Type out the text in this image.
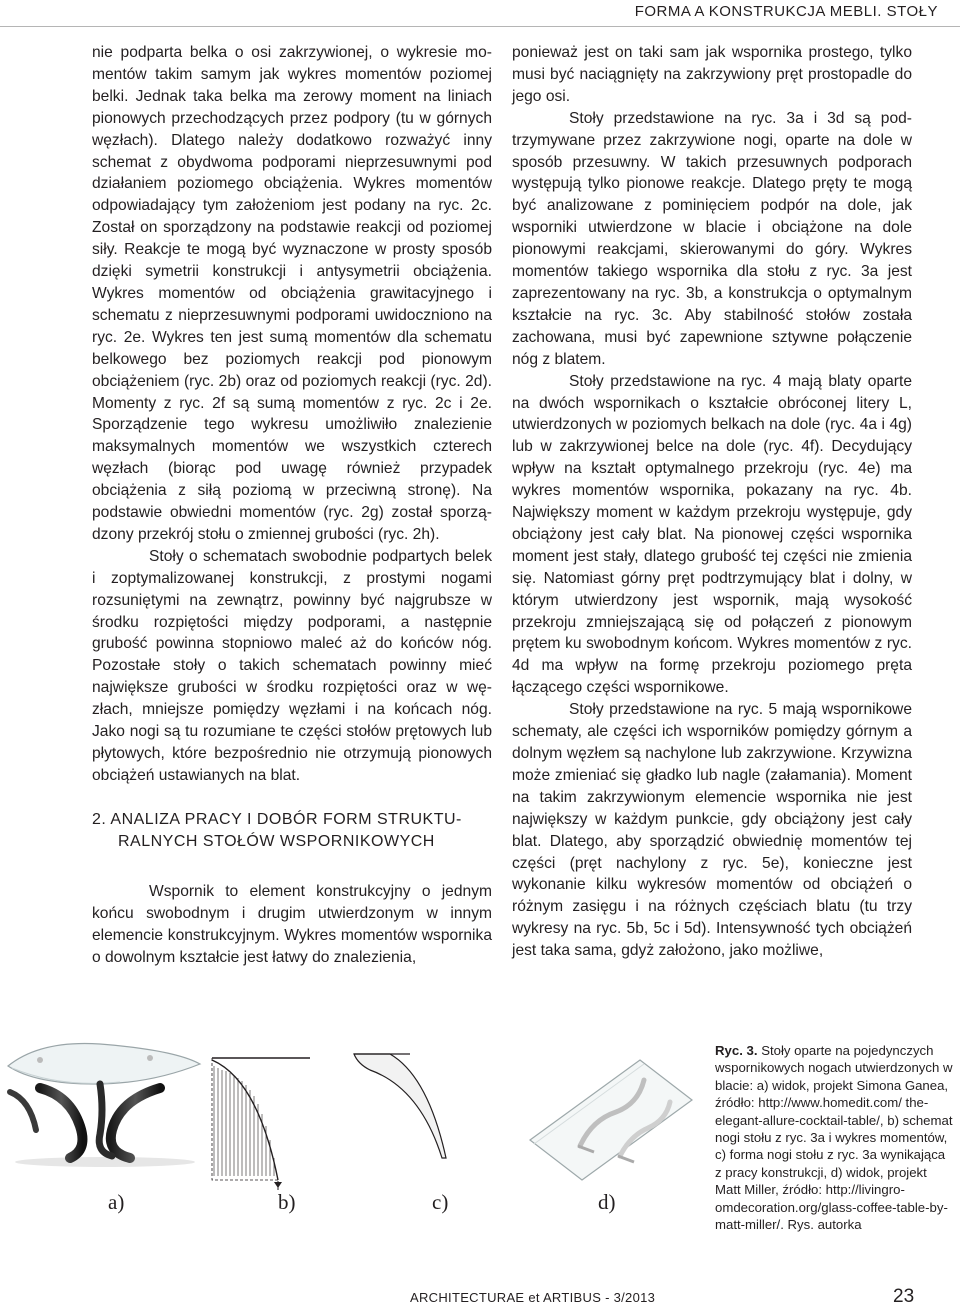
FORMA A KONSTRUKCJA MEBLI. STOŁY

nie podparta belka o osi zakrzywionej, o wykresie momentów takim samym jak wykres momentów poziomej belki. Jednak taka belka ma zerowy moment na liniach pionowych przechodzących przez podpory (tu w górnych węzłach). Dlatego należy dodatkowo rozważyć inny schemat z obydwoma podporami nieprzesuwnymi pod działaniem poziomego obciążenia. Wykres momentów odpowiadający tym założeniom jest podany na ryc. 2c. Został on sporządzony na podstawie reakcji od poziomej siły. Reakcje te mogą być wyznaczone w prosty sposób dzięki symetrii konstrukcji i antysymetrii obciążenia. Wykres momentów od obciążenia grawitacyjnego i schematu z nieprzesuwnymi podporami uwidoczniono na ryc. 2e. Wykres ten jest sumą momentów dla schematu belkowego bez poziomych reakcji pod pionowym obciążeniem (ryc. 2b) oraz od poziomych reakcji (ryc. 2d). Momenty z ryc. 2f są sumą momentów z ryc. 2c i 2e. Sporządzenie tego wykresu umożliwiło znalezienie maksymalnych momentów we wszystkich czterech węzłach (biorąc pod uwagę również przypadek obciążenia z siłą poziomą w przeciwną stronę). Na podstawie obwiedni momentów (ryc. 2g) został sporządzony przekrój stołu o zmiennej grubości (ryc. 2h).

Stoły o schematach swobodnie podpartych belek i zoptymalizowanej konstrukcji, z prostymi nogami rozsuniętymi na zewnątrz, powinny być najgrubsze w środku rozpiętości między podporami, a następnie grubość powinna stopniowo maleć aż do końców nóg. Pozostałe stoły o takich schematach powinny mieć największe grubości w środku rozpiętości oraz w węzłach, mniejsze pomiędzy węzłami i na końcach nóg. Jako nogi są tu rozumiane te części stołów prętowych lub płytowych, które bezpośrednio nie otrzymują pionowych obciążeń ustawianych na blat.

2. ANALIZA PRACY I DOBÓR FORM STRUKTURALNYCH STOŁÓW WSPORNIKOWYCH

Wspornik to element konstrukcyjny o jednym końcu swobodnym i drugim utwierdzonym w innym elemencie konstrukcyjnym. Wykres momentów wspornika o dowolnym kształcie jest łatwy do znalezienia,

ponieważ jest on taki sam jak wspornika prostego, tylko musi być naciągnięty na zakrzywiony pręt prostopadle do jego osi.

Stoły przedstawione na ryc. 3a i 3d są podtrzymywane przez zakrzywione nogi, oparte na dole w sposób przesuwny. W takich przesuwnych podporach występują tylko pionowe reakcje. Dlatego pręty te mogą być analizowane z pominięciem podpór na dole, jak wsporniki utwierdzone w blacie i obciążone na dole pionowymi reakcjami, skierowanymi do góry. Wykres momentów takiego wspornika dla stołu z ryc. 3a jest zaprezentowany na ryc. 3b, a konstrukcja o optymalnym kształcie na ryc. 3c. Aby stabilność stołów została zachowana, musi być zapewnione sztywne połączenie nóg z blatem.

Stoły przedstawione na ryc. 4 mają blaty oparte na dwóch wspornikach o kształcie obróconej litery L, utwierdzonych w poziomych belkach na dole (ryc. 4a i 4g) lub w zakrzywionej belce na dole (ryc. 4f). Decydujący wpływ na kształt optymalnego przekroju (ryc. 4e) ma wykres momentów wspornika, pokazany na ryc. 4b. Największy moment w każdym przekroju występuje, gdy obciążony jest cały blat. Na pionowej części wspornika moment jest stały, dlatego grubość tej części nie zmienia się. Natomiast górny pręt podtrzymujący blat i dolny, w którym utwierdzony jest wspornik, mają wysokość przekroju zmniejszającą się od połączeń z pionowym prętem ku swobodnym końcom. Wykres momentów z ryc. 4d ma wpływ na formę przekroju poziomego pręta łączącego części wspornikowe.

Stoły przedstawione na ryc. 5 mają wspornikowe schematy, ale części ich wsporników pomiędzy górnym a dolnym węzłem są nachylone lub zakrzywione. Krzywizna może zmieniać się gładko lub nagle (załamania). Moment na takim zakrzywionym elemencie wspornika nie jest największy w każdym punkcie, gdy obciążony jest cały blat. Dlatego, aby sporządzić obwiednię momentów tej części (pręt nachylony z ryc. 5e), konieczne jest wykonanie kilku wykresów momentów od obciążeń o różnym zasięgu i na różnych częściach blatu (tu trzy wykresy na ryc. 5b, 5c i 5d). Intensywność tych obciążeń jest taka sama, gdyż założono, jako możliwe,

a)	b)	c)	d)
Ryc. 3. Stoły oparte na pojedynczych wspornikowych nogach utwierdzonych w blacie: a) widok, projekt Simona Ganea, źródło: http://www.homedit.com/ the-elegant-allure-cocktail-table/, b) schemat nogi stołu z ryc. 3a i wykres momentów, c) forma nogi stołu z ryc. 3a wynikająca z pracy konstrukcji, d) widok, projekt Matt Miller, źródło: http://livingroomdecoration.org/glass-coffee-table-by-matt-miller/. Rys. autorka
ARCHITECTURAE et ARTIBUS - 3/2013	23
